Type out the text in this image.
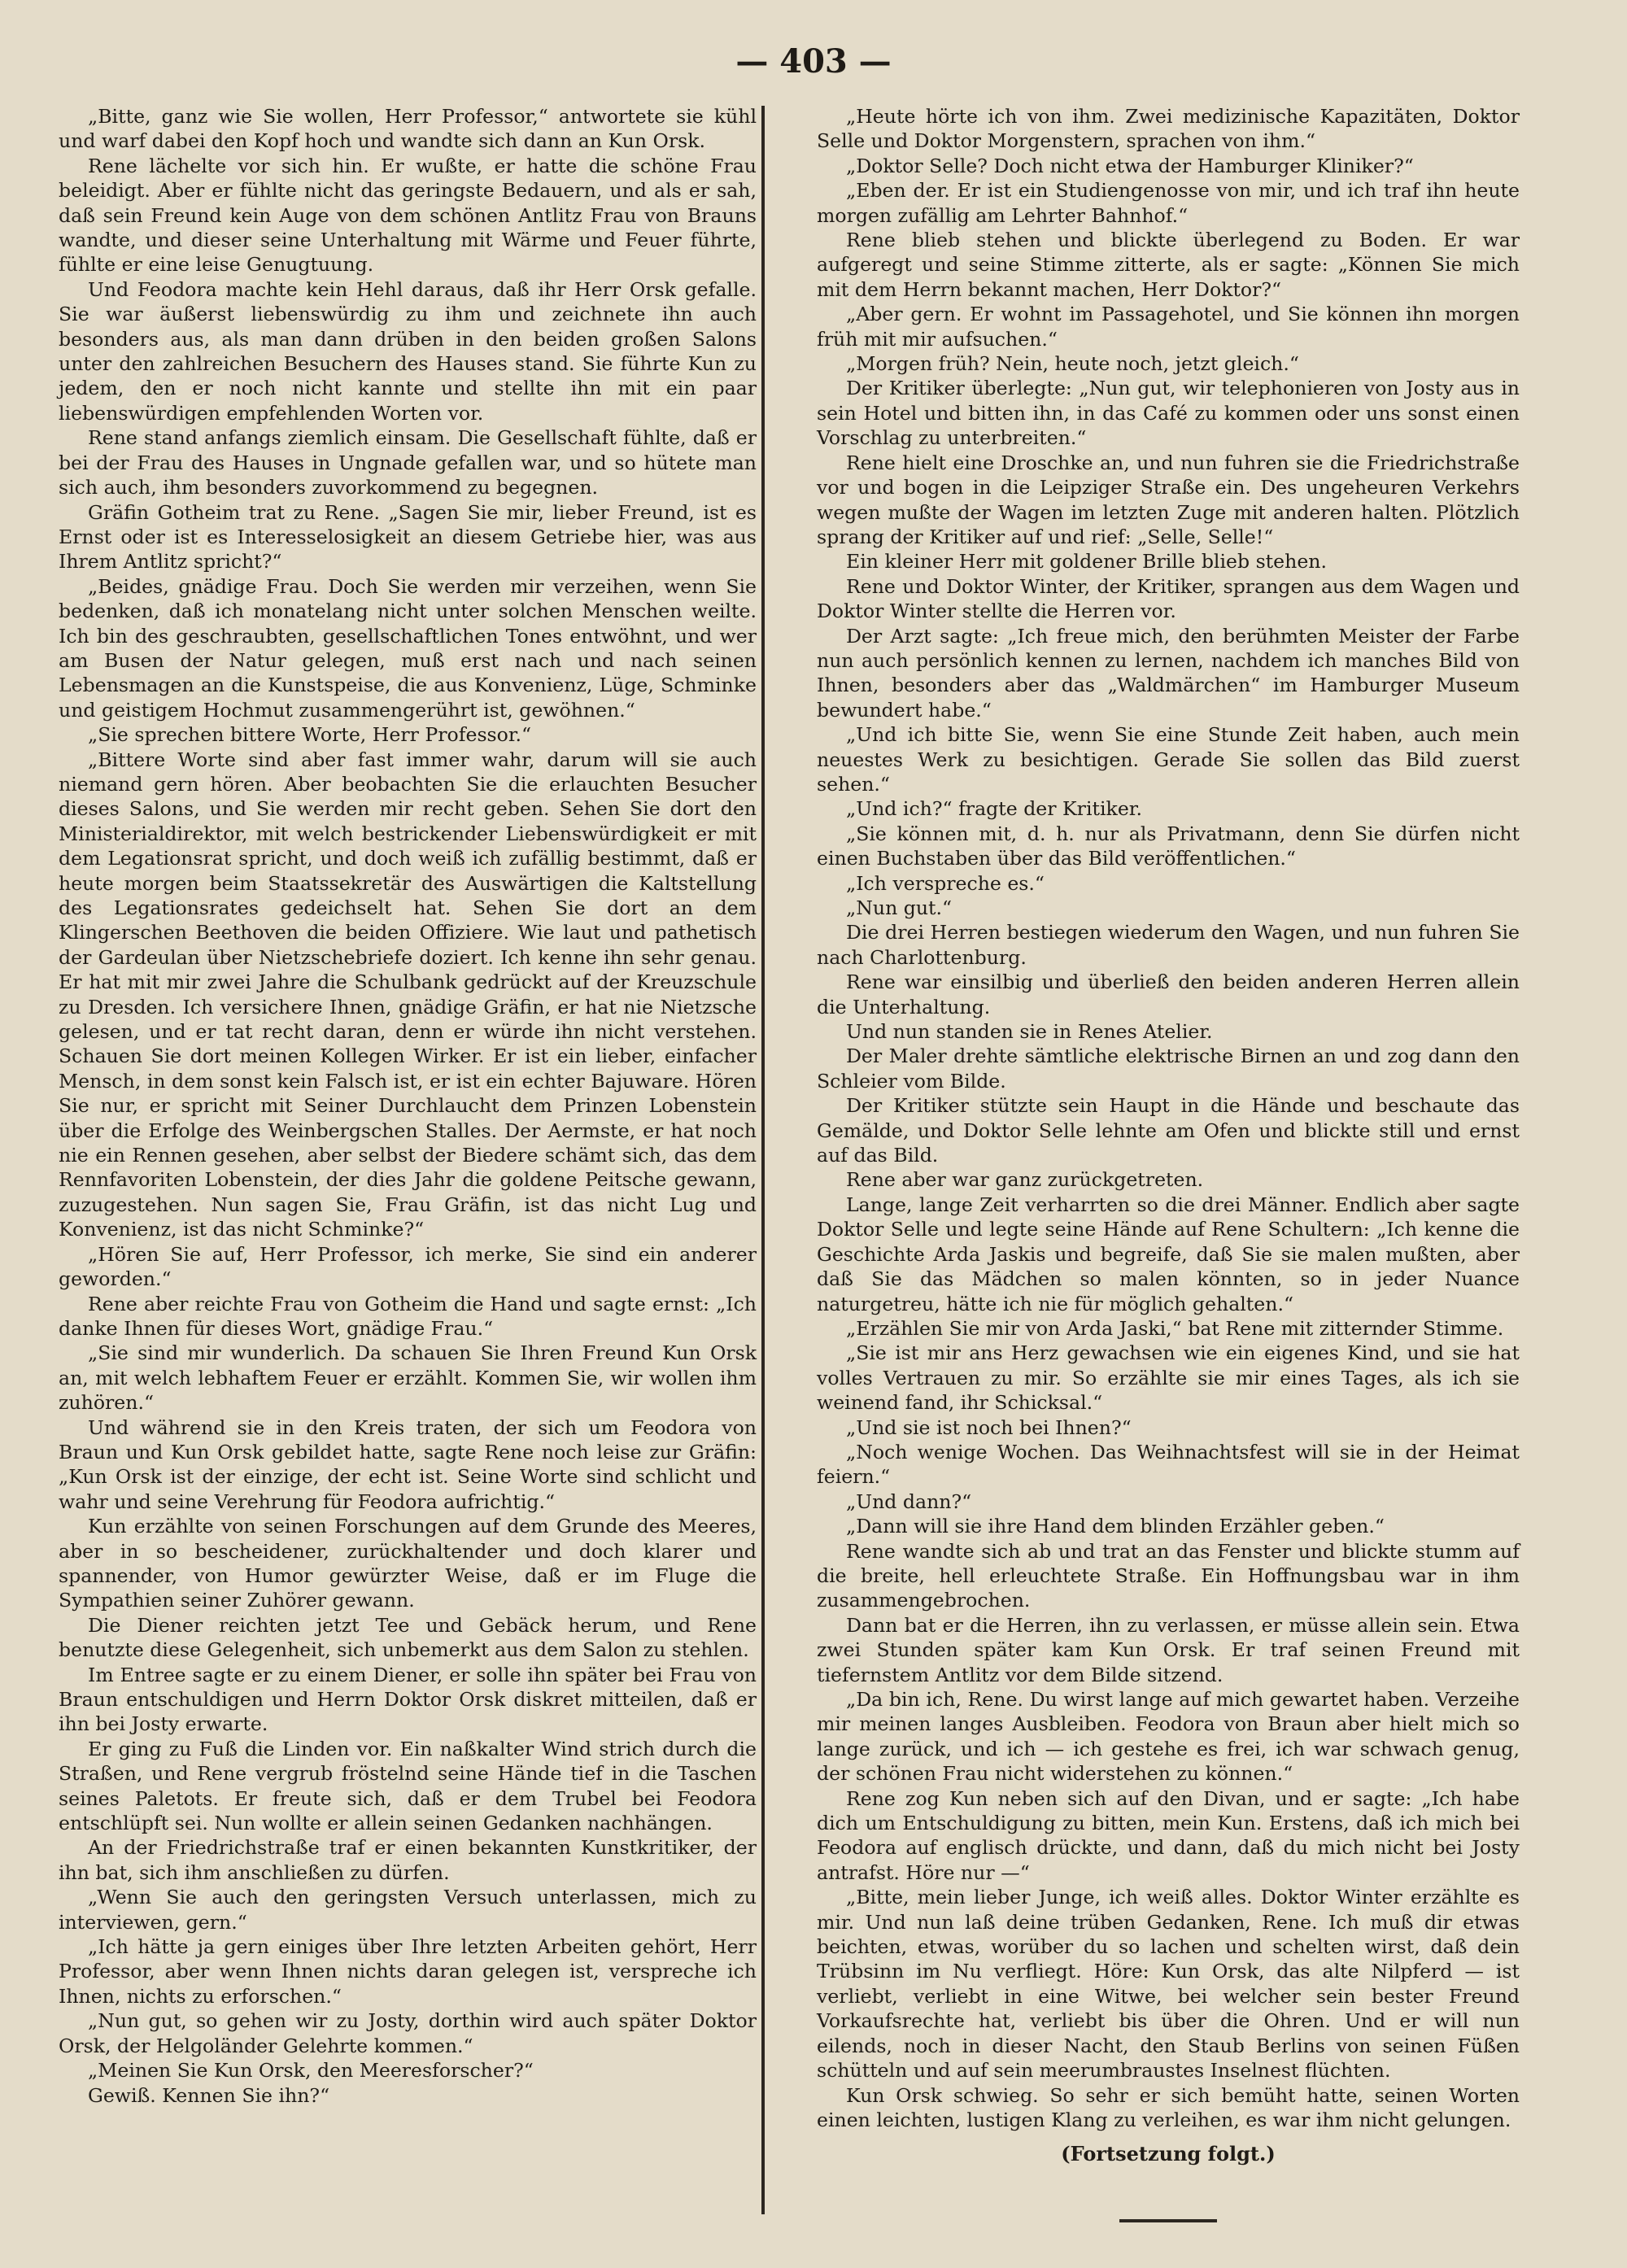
— 403 —

„Bitte, ganz wie Sie wollen, Herr Professor,“ antwortete sie kühl und warf dabei den Kopf hoch und wandte sich dann an Kun Orsk.

Rene lächelte vor sich hin. Er wußte, er hatte die schöne Frau beleidigt. Aber er fühlte nicht das geringste Bedauern, und als er sah, daß sein Freund kein Auge von dem schönen Antlitz Frau von Brauns wandte, und dieser seine Unterhaltung mit Wärme und Feuer führte, fühlte er eine leise Genugtuung.

Und Feodora machte kein Hehl daraus, daß ihr Herr Orsk gefalle. Sie war äußerst liebenswürdig zu ihm und zeichnete ihn auch besonders aus, als man dann drüben in den beiden großen Salons unter den zahlreichen Besuchern des Hauses stand. Sie führte Kun zu jedem, den er noch nicht kannte und stellte ihn mit ein paar liebenswürdigen empfehlenden Worten vor.

Rene stand anfangs ziemlich einsam. Die Gesellschaft fühlte, daß er bei der Frau des Hauses in Ungnade gefallen war, und so hütete man sich auch, ihm besonders zuvorkommend zu begegnen.

Gräfin Gotheim trat zu Rene. „Sagen Sie mir, lieber Freund, ist es Ernst oder ist es Interesselosigkeit an diesem Getriebe hier, was aus Ihrem Antlitz spricht?“

„Beides, gnädige Frau. Doch Sie werden mir verzeihen, wenn Sie bedenken, daß ich monatelang nicht unter solchen Menschen weilte. Ich bin des geschraubten, gesellschaftlichen Tones entwöhnt, und wer am Busen der Natur gelegen, muß erst nach und nach seinen Lebensmagen an die Kunstspeise, die aus Konvenienz, Lüge, Schminke und geistigem Hochmut zusammengerührt ist, gewöhnen.“

„Sie sprechen bittere Worte, Herr Professor.“

„Bittere Worte sind aber fast immer wahr, darum will sie auch niemand gern hören. Aber beobachten Sie die erlauchten Besucher dieses Salons, und Sie werden mir recht geben. Sehen Sie dort den Ministerialdirektor, mit welch bestrickender Liebenswürdigkeit er mit dem Legationsrat spricht, und doch weiß ich zufällig bestimmt, daß er heute morgen beim Staatssekretär des Auswärtigen die Kaltstellung des Legationsrates gedeichselt hat. Sehen Sie dort an dem Klingerschen Beethoven die beiden Offiziere. Wie laut und pathetisch der Gardeulan über Nietzschebriefe doziert. Ich kenne ihn sehr genau. Er hat mit mir zwei Jahre die Schulbank gedrückt auf der Kreuzschule zu Dresden. Ich versichere Ihnen, gnädige Gräfin, er hat nie Nietzsche gelesen, und er tat recht daran, denn er würde ihn nicht verstehen. Schauen Sie dort meinen Kollegen Wirker. Er ist ein lieber, einfacher Mensch, in dem sonst kein Falsch ist, er ist ein echter Bajuware. Hören Sie nur, er spricht mit Seiner Durchlaucht dem Prinzen Lobenstein über die Erfolge des Weinbergschen Stalles. Der Aermste, er hat noch nie ein Rennen gesehen, aber selbst der Biedere schämt sich, das dem Rennfavoriten Lobenstein, der dies Jahr die goldene Peitsche gewann, zuzugestehen. Nun sagen Sie, Frau Gräfin, ist das nicht Lug und Konvenienz, ist das nicht Schminke?“

„Hören Sie auf, Herr Professor, ich merke, Sie sind ein anderer geworden.“

Rene aber reichte Frau von Gotheim die Hand und sagte ernst: „Ich danke Ihnen für dieses Wort, gnädige Frau.“

„Sie sind mir wunderlich. Da schauen Sie Ihren Freund Kun Orsk an, mit welch lebhaftem Feuer er erzählt. Kommen Sie, wir wollen ihm zuhören.“

Und während sie in den Kreis traten, der sich um Feodora von Braun und Kun Orsk gebildet hatte, sagte Rene noch leise zur Gräfin: „Kun Orsk ist der einzige, der echt ist. Seine Worte sind schlicht und wahr und seine Verehrung für Feodora aufrichtig.“

Kun erzählte von seinen Forschungen auf dem Grunde des Meeres, aber in so bescheidener, zurückhaltender und doch klarer und spannender, von Humor gewürzter Weise, daß er im Fluge die Sympathien seiner Zuhörer gewann.

Die Diener reichten jetzt Tee und Gebäck herum, und Rene benutzte diese Gelegenheit, sich unbemerkt aus dem Salon zu stehlen.

Im Entree sagte er zu einem Diener, er solle ihn später bei Frau von Braun entschuldigen und Herrn Doktor Orsk diskret mitteilen, daß er ihn bei Josty erwarte.

Er ging zu Fuß die Linden vor. Ein naßkalter Wind strich durch die Straßen, und Rene vergrub fröstelnd seine Hände tief in die Taschen seines Paletots. Er freute sich, daß er dem Trubel bei Feodora entschlüpft sei. Nun wollte er allein seinen Gedanken nachhängen.

An der Friedrichstraße traf er einen bekannten Kunstkritiker, der ihn bat, sich ihm anschließen zu dürfen.

„Wenn Sie auch den geringsten Versuch unterlassen, mich zu interviewen, gern.“

„Ich hätte ja gern einiges über Ihre letzten Arbeiten gehört, Herr Professor, aber wenn Ihnen nichts daran gelegen ist, verspreche ich Ihnen, nichts zu erforschen.“

„Nun gut, so gehen wir zu Josty, dorthin wird auch später Doktor Orsk, der Helgoländer Gelehrte kommen.“

„Meinen Sie Kun Orsk, den Meeresforscher?“

Gewiß. Kennen Sie ihn?“

„Heute hörte ich von ihm. Zwei medizinische Kapazitäten, Doktor Selle und Doktor Morgenstern, sprachen von ihm.“

„Doktor Selle? Doch nicht etwa der Hamburger Kliniker?“

„Eben der. Er ist ein Studiengenosse von mir, und ich traf ihn heute morgen zufällig am Lehrter Bahnhof.“

Rene blieb stehen und blickte überlegend zu Boden. Er war aufgeregt und seine Stimme zitterte, als er sagte: „Können Sie mich mit dem Herrn bekannt machen, Herr Doktor?“

„Aber gern. Er wohnt im Passagehotel, und Sie können ihn morgen früh mit mir aufsuchen.“

„Morgen früh? Nein, heute noch, jetzt gleich.“

Der Kritiker überlegte: „Nun gut, wir telephonieren von Josty aus in sein Hotel und bitten ihn, in das Café zu kommen oder uns sonst einen Vorschlag zu unterbreiten.“

Rene hielt eine Droschke an, und nun fuhren sie die Friedrichstraße vor und bogen in die Leipziger Straße ein. Des ungeheuren Verkehrs wegen mußte der Wagen im letzten Zuge mit anderen halten. Plötzlich sprang der Kritiker auf und rief: „Selle, Selle!“

Ein kleiner Herr mit goldener Brille blieb stehen.

Rene und Doktor Winter, der Kritiker, sprangen aus dem Wagen und Doktor Winter stellte die Herren vor.

Der Arzt sagte: „Ich freue mich, den berühmten Meister der Farbe nun auch persönlich kennen zu lernen, nachdem ich manches Bild von Ihnen, besonders aber das „Waldmärchen“ im Hamburger Museum bewundert habe.“

„Und ich bitte Sie, wenn Sie eine Stunde Zeit haben, auch mein neuestes Werk zu besichtigen. Gerade Sie sollen das Bild zuerst sehen.“

„Und ich?“ fragte der Kritiker.

„Sie können mit, d. h. nur als Privatmann, denn Sie dürfen nicht einen Buchstaben über das Bild veröffentlichen.“

„Ich verspreche es.“

„Nun gut.“

Die drei Herren bestiegen wiederum den Wagen, und nun fuhren Sie nach Charlottenburg.

Rene war einsilbig und überließ den beiden anderen Herren allein die Unterhaltung.

Und nun standen sie in Renes Atelier.

Der Maler drehte sämtliche elektrische Birnen an und zog dann den Schleier vom Bilde.

Der Kritiker stützte sein Haupt in die Hände und beschaute das Gemälde, und Doktor Selle lehnte am Ofen und blickte still und ernst auf das Bild.

Rene aber war ganz zurückgetreten.

Lange, lange Zeit verharrten so die drei Männer. Endlich aber sagte Doktor Selle und legte seine Hände auf Rene Schultern: „Ich kenne die Geschichte Arda Jaskis und begreife, daß Sie sie malen mußten, aber daß Sie das Mädchen so malen könnten, so in jeder Nuance naturgetreu, hätte ich nie für möglich gehalten.“

„Erzählen Sie mir von Arda Jaski,“ bat Rene mit zitternder Stimme.

„Sie ist mir ans Herz gewachsen wie ein eigenes Kind, und sie hat volles Vertrauen zu mir. So erzählte sie mir eines Tages, als ich sie weinend fand, ihr Schicksal.“

„Und sie ist noch bei Ihnen?“

„Noch wenige Wochen. Das Weihnachtsfest will sie in der Heimat feiern.“

„Und dann?“

„Dann will sie ihre Hand dem blinden Erzähler geben.“

Rene wandte sich ab und trat an das Fenster und blickte stumm auf die breite, hell erleuchtete Straße. Ein Hoffnungsbau war in ihm zusammengebrochen.

Dann bat er die Herren, ihn zu verlassen, er müsse allein sein. Etwa zwei Stunden später kam Kun Orsk. Er traf seinen Freund mit tiefernstem Antlitz vor dem Bilde sitzend.

„Da bin ich, Rene. Du wirst lange auf mich gewartet haben. Verzeihe mir meinen langes Ausbleiben. Feodora von Braun aber hielt mich so lange zurück, und ich — ich gestehe es frei, ich war schwach genug, der schönen Frau nicht widerstehen zu können.“

Rene zog Kun neben sich auf den Divan, und er sagte: „Ich habe dich um Entschuldigung zu bitten, mein Kun. Erstens, daß ich mich bei Feodora auf englisch drückte, und dann, daß du mich nicht bei Josty antrafst. Höre nur —“

„Bitte, mein lieber Junge, ich weiß alles. Doktor Winter erzählte es mir. Und nun laß deine trüben Gedanken, Rene. Ich muß dir etwas beichten, etwas, worüber du so lachen und schelten wirst, daß dein Trübsinn im Nu verfliegt. Höre: Kun Orsk, das alte Nilpferd — ist verliebt, verliebt in eine Witwe, bei welcher sein bester Freund Vorkaufsrechte hat, verliebt bis über die Ohren. Und er will nun eilends, noch in dieser Nacht, den Staub Berlins von seinen Füßen schütteln und auf sein meerumbraustes Inselnest flüchten.

Kun Orsk schwieg. So sehr er sich bemüht hatte, seinen Worten einen leichten, lustigen Klang zu verleihen, es war ihm nicht gelungen.

(Fortsetzung folgt.)
